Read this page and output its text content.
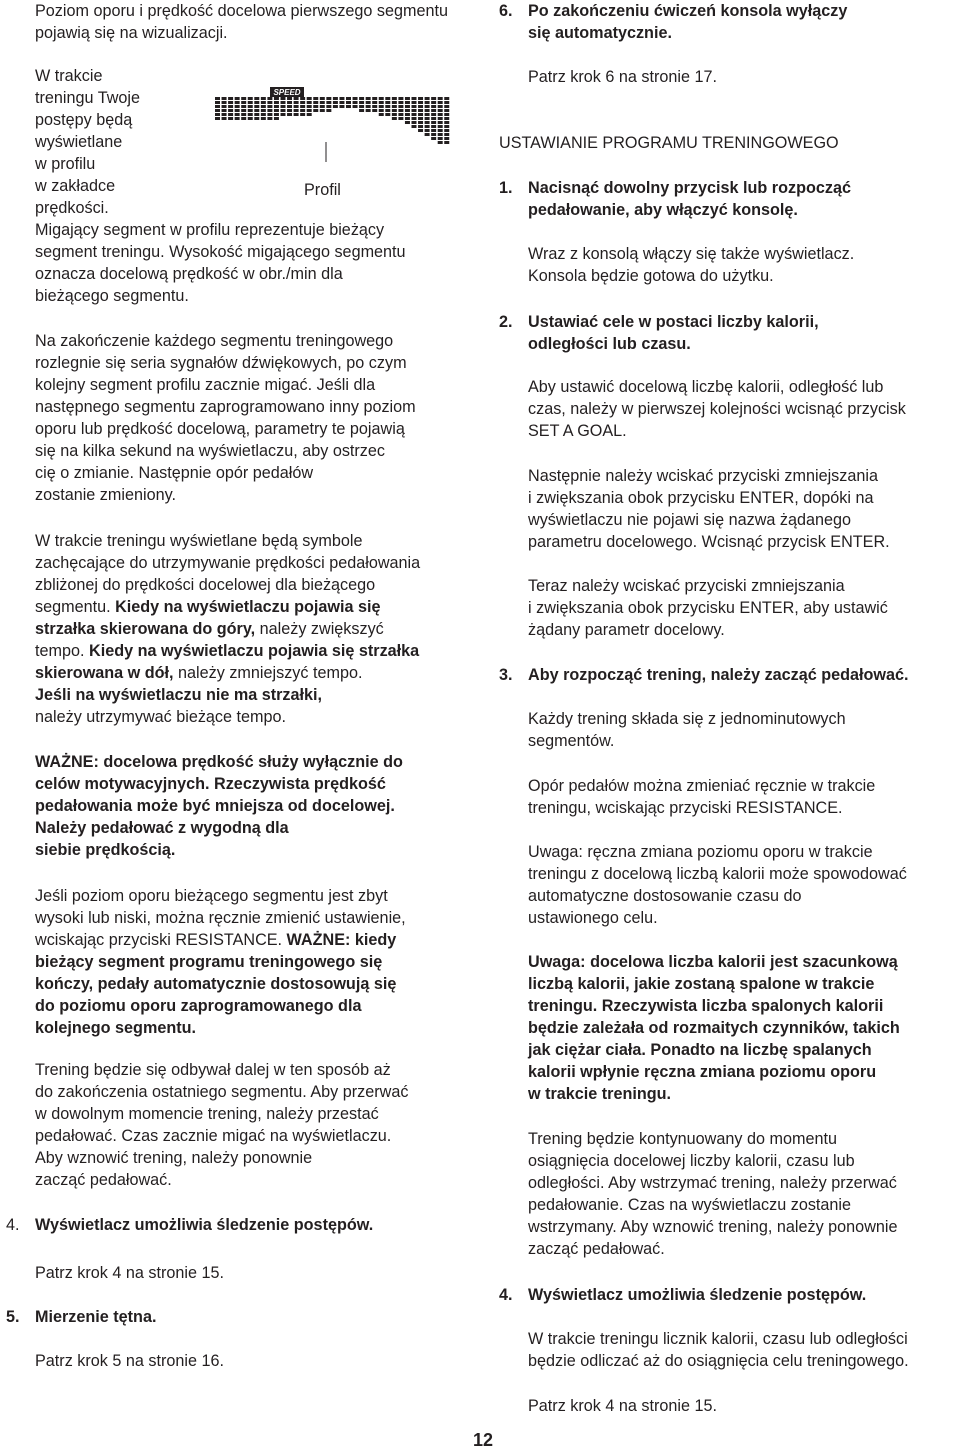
Poziom oporu i prędkość docelowa pierwszego segmentu pojawią się na wizualizacji.

W trakcie

treningu Twoje

postępy będą

wyświetlane

w profilu

w zakładce

prędkości.

SPEED
Profil

Migający segment w profilu reprezentuje bieżący

segment treningu. Wysokość migającego segmentu

oznacza docelową prędkość w obr./min dla

bieżącego segmentu.

Na zakończenie każdego segmentu treningowego

rozlegnie się seria sygnałów dźwiękowych, po czym

kolejny segment profilu zacznie migać. Jeśli dla

następnego segmentu zaprogramowano inny poziom

oporu lub prędkość docelową, parametry te pojawią

się na kilka sekund na wyświetlaczu, aby ostrzec

cię o zmianie. Następnie opór pedałów

zostanie zmieniony.

W trakcie treningu wyświetlane będą symbole

zachęcające do utrzymywanie prędkości pedałowania

zbliżonej do prędkości docelowej dla bieżącego

segmentu. Kiedy na wyświetlaczu pojawia się

strzałka skierowana do góry, należy zwiększyć

tempo. Kiedy na wyświetlaczu pojawia się strzałka

skierowana w dół, należy zmniejszyć tempo.

Jeśli na wyświetlaczu nie ma strzałki,

należy utrzymywać bieżące tempo.

WAŻNE: docelowa prędkość służy wyłącznie do

celów motywacyjnych. Rzeczywista prędkość

pedałowania może być mniejsza od docelowej.

Należy pedałować z wygodną dla

siebie prędkością.

Jeśli poziom oporu bieżącego segmentu jest zbyt

wysoki lub niski, można ręcznie zmienić ustawienie,

wciskając przyciski RESISTANCE. WAŻNE: kiedy

bieżący segment programu treningowego się

kończy, pedały automatycznie dostosowują się

do poziomu oporu zaprogramowanego dla

kolejnego segmentu.

Trening będzie się odbywał dalej w ten sposób aż

do zakończenia ostatniego segmentu. Aby przerwać

w dowolnym momencie trening, należy przestać

pedałować. Czas zacznie migać na wyświetlaczu.

Aby wznowić trening, należy ponownie

zacząć pedałować.

4. Wyświetlacz umożliwia śledzenie postępów.
Patrz krok 4 na stronie 15.
5. Mierzenie tętna.
Patrz krok 5 na stronie 16.
6. Po zakończeniu ćwiczeń konsola wyłączy

się automatycznie.

Patrz krok 6 na stronie 17.
USTAWIANIE PROGRAMU TRENINGOWEGO
1. Nacisnąć dowolny przycisk lub rozpocząć

pedałowanie, aby włączyć konsolę.

Wraz z konsolą włączy się także wyświetlacz.

Konsola będzie gotowa do użytku.

2. Ustawiać cele w postaci liczby kalorii,

odległości lub czasu.

Aby ustawić docelową liczbę kalorii, odległość lub

czas, należy w pierwszej kolejności wcisnąć przycisk

SET A GOAL.

Następnie należy wciskać przyciski zmniejszania

i zwiększania obok przycisku ENTER, dopóki na

wyświetlaczu nie pojawi się nazwa żądanego

parametru docelowego. Wcisnąć przycisk ENTER.

Teraz należy wciskać przyciski zmniejszania

i zwiększania obok przycisku ENTER, aby ustawić

żądany parametr docelowy.

3. Aby rozpocząć trening, należy zacząć pedałować.

Każdy trening składa się z jednominutowych

segmentów.

Opór pedałów można zmieniać ręcznie w trakcie

treningu, wciskając przyciski RESISTANCE.

Uwaga: ręczna zmiana poziomu oporu w trakcie

treningu z docelową liczbą kalorii może spowodować

automatyczne dostosowanie czasu do

ustawionego celu.

Uwaga: docelowa liczba kalorii jest szacunkową

liczbą kalorii, jakie zostaną spalone w trakcie

treningu. Rzeczywista liczba spalonych kalorii

będzie zależała od rozmaitych czynników, takich

jak ciężar ciała. Ponadto na liczbę spalanych

kalorii wpłynie ręczna zmiana poziomu oporu

w trakcie treningu.

Trening będzie kontynuowany do momentu

osiągnięcia docelowej liczby kalorii, czasu lub

odległości. Aby wstrzymać trening, należy przerwać

pedałowanie. Czas na wyświetlaczu zostanie

wstrzymany. Aby wznowić trening, należy ponownie

zacząć pedałować.

4. Wyświetlacz umożliwia śledzenie postępów.

W trakcie treningu licznik kalorii, czasu lub odległości

będzie odliczać aż do osiągnięcia celu treningowego.

Patrz krok 4 na stronie 15.
12
